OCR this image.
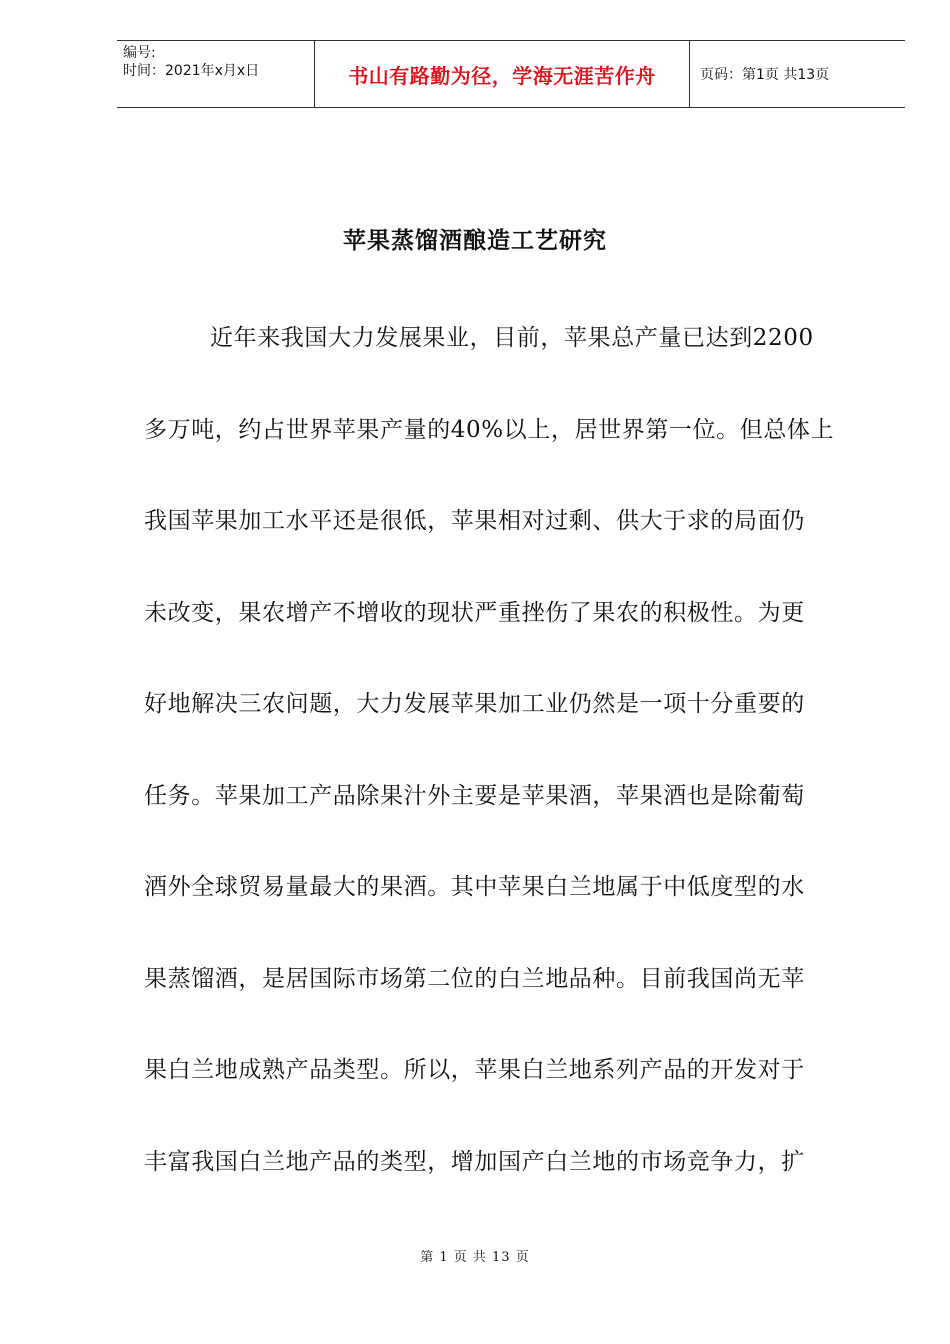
编号:
时间：2021年x月x日	书山有路勤为径，学海无涯苦作舟	页码：第1页 共13页
苹果蒸馏酒酿造工艺研究
近年来我国大力发展果业，目前，苹果总产量已达到2200
多万吨，约占世界苹果产量的40%以上，居世界第一位。但总体上
我国苹果加工水平还是很低，苹果相对过剩、供大于求的局面仍
未改变，果农增产不增收的现状严重挫伤了果农的积极性。为更
好地解决三农问题，大力发展苹果加工业仍然是一项十分重要的
任务。苹果加工产品除果汁外主要是苹果酒，苹果酒也是除葡萄
酒外全球贸易量最大的果酒。其中苹果白兰地属于中低度型的水
果蒸馏酒，是居国际市场第二位的白兰地品种。目前我国尚无苹
果白兰地成熟产品类型。所以，苹果白兰地系列产品的开发对于
丰富我国白兰地产品的类型，增加国产白兰地的市场竞争力，扩
第 1 页 共 13 页
